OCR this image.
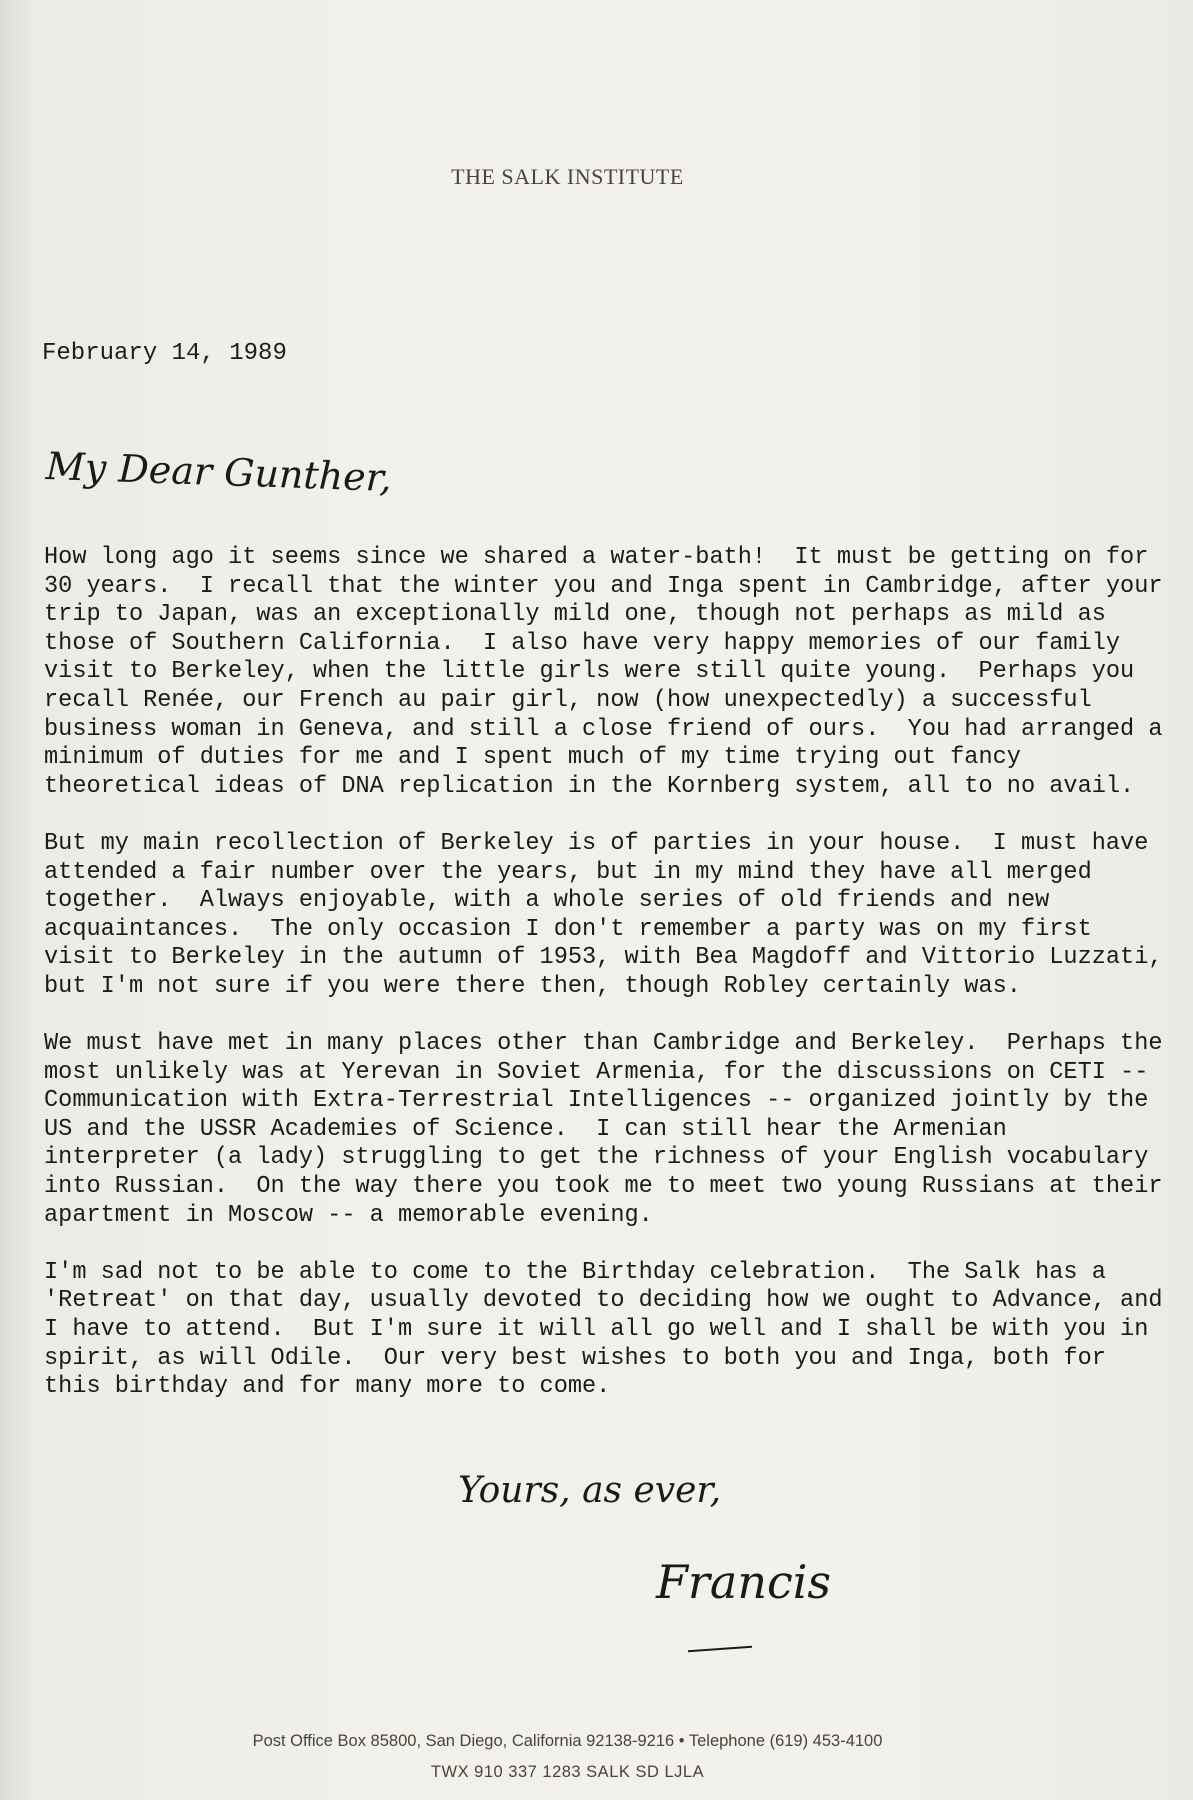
THE SALK INSTITUTE
February 14, 1989
My Dear Gunther,

How long ago it seems since we shared a water-bath!  It must be getting on for
30 years.  I recall that the winter you and Inga spent in Cambridge, after your
trip to Japan, was an exceptionally mild one, though not perhaps as mild as
those of Southern California.  I also have very happy memories of our family
visit to Berkeley, when the little girls were still quite young.  Perhaps you
recall Renée, our French au pair girl, now (how unexpectedly) a successful
business woman in Geneva, and still a close friend of ours.  You had arranged a
minimum of duties for me and I spent much of my time trying out fancy
theoretical ideas of DNA replication in the Kornberg system, all to no avail.

But my main recollection of Berkeley is of parties in your house.  I must have
attended a fair number over the years, but in my mind they have all merged
together.  Always enjoyable, with a whole series of old friends and new
acquaintances.  The only occasion I don't remember a party was on my first
visit to Berkeley in the autumn of 1953, with Bea Magdoff and Vittorio Luzzati,
but I'm not sure if you were there then, though Robley certainly was.

We must have met in many places other than Cambridge and Berkeley.  Perhaps the
most unlikely was at Yerevan in Soviet Armenia, for the discussions on CETI --
Communication with Extra-Terrestrial Intelligences -- organized jointly by the
US and the USSR Academies of Science.  I can still hear the Armenian
interpreter (a lady) struggling to get the richness of your English vocabulary
into Russian.  On the way there you took me to meet two young Russians at their
apartment in Moscow -- a memorable evening.

I'm sad not to be able to come to the Birthday celebration.  The Salk has a
'Retreat' on that day, usually devoted to deciding how we ought to Advance, and
I have to attend.  But I'm sure it will all go well and I shall be with you in
spirit, as will Odile.  Our very best wishes to both you and Inga, both for
this birthday and for many more to come.

Yours, as ever,
Francis
Post Office Box 85800, San Diego, California 92138-9216 • Telephone (619) 453-4100
TWX 910 337 1283 SALK SD LJLA
